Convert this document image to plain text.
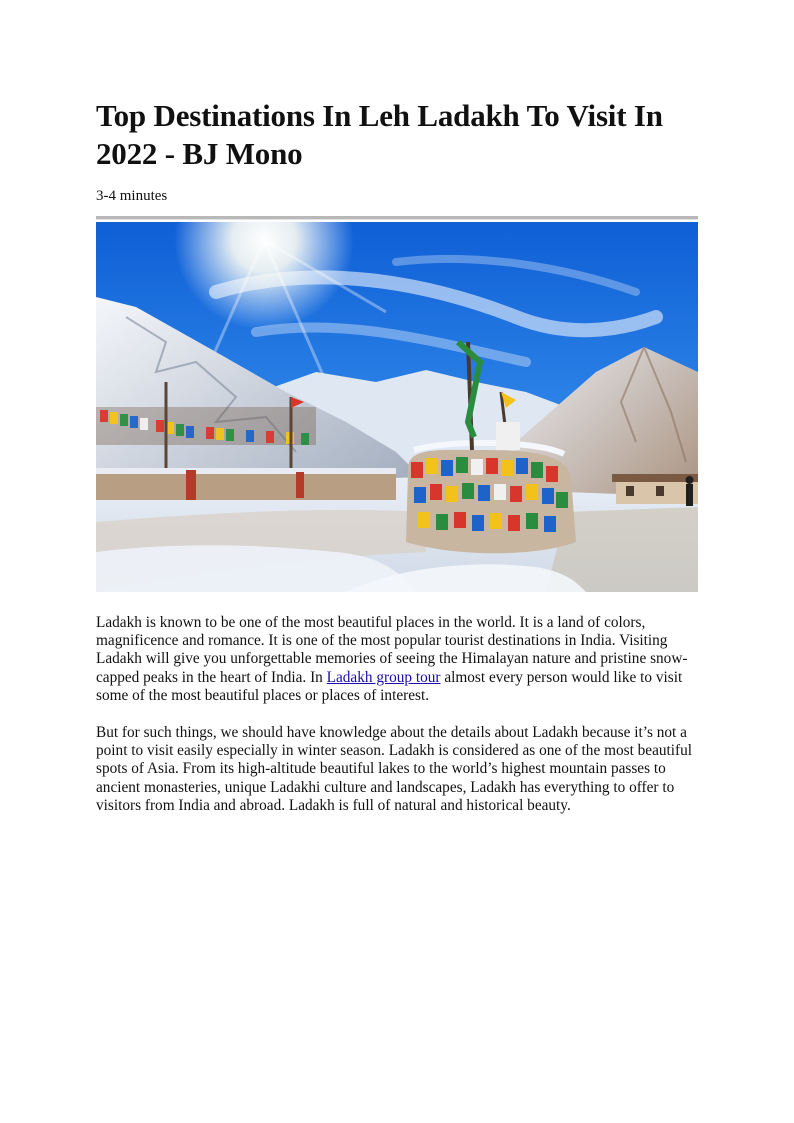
Top Destinations In Leh Ladakh To Visit In 2022 - BJ Mono
3-4 minutes

Ladakh is known to be one of the most beautiful places in the world. It is a land of colors, magnificence and romance. It is one of the most popular tourist destinations in India. Visiting Ladakh will give you unforgettable memories of seeing the Himalayan nature and pristine snow-capped peaks in the heart of India. In Ladakh group tour almost every person would like to visit some of the most beautiful places or places of interest.

But for such things, we should have knowledge about the details about Ladakh because it’s not a point to visit easily especially in winter season. Ladakh is considered as one of the most beautiful spots of Asia. From its high-altitude beautiful lakes to the world’s highest mountain passes to ancient monasteries, unique Ladakhi culture and landscapes, Ladakh has everything to offer to visitors from India and abroad. Ladakh is full of natural and historical beauty.
